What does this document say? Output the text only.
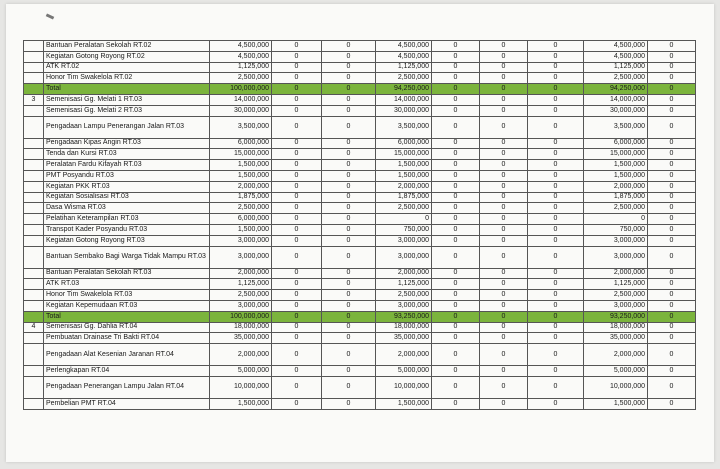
	Bantuan Peralatan Sekolah RT.02	4,500,000	0	0	4,500,000	0	0	0	4,500,000	0
	Kegiatan Gotong Royong RT.02	4,500,000	0	0	4,500,000	0	0	0	4,500,000	0
	ATK RT.02	1,125,000	0	0	1,125,000	0	0	0	1,125,000	0
	Honor Tim Swakelola RT.02	2,500,000	0	0	2,500,000	0	0	0	2,500,000	0
	Total	100,000,000	0	0	94,250,000	0	0	0	94,250,000	0
3	Semenisasi Gg. Melati 1 RT.03	14,000,000	0	0	14,000,000	0	0	0	14,000,000	0
	Semenisasi Gg. Melati 2 RT.03	30,000,000	0	0	30,000,000	0	0	0	30,000,000	0
	Pengadaan Lampu Penerangan Jalan RT.03	3,500,000	0	0	3,500,000	0	0	0	3,500,000	0
	Pengadaan Kipas Angin RT.03	6,000,000	0	0	6,000,000	0	0	0	6,000,000	0
	Tenda dan Kursi RT.03	15,000,000	0	0	15,000,000	0	0	0	15,000,000	0
	Peralatan Fardu Kifayah RT.03	1,500,000	0	0	1,500,000	0	0	0	1,500,000	0
	PMT Posyandu RT.03	1,500,000	0	0	1,500,000	0	0	0	1,500,000	0
	Kegiatan PKK RT.03	2,000,000	0	0	2,000,000	0	0	0	2,000,000	0
	Kegiatan Sosialisasi RT.03	1,875,000	0	0	1,875,000	0	0	0	1,875,000	0
	Dasa Wisma RT.03	2,500,000	0	0	2,500,000	0	0	0	2,500,000	0
	Pelatihan Keterampilan RT.03	6,000,000	0	0	0	0	0	0	0	0
	Transpot Kader Posyandu RT.03	1,500,000	0	0	750,000	0	0	0	750,000	0
	Kegiatan Gotong Royong RT.03	3,000,000	0	0	3,000,000	0	0	0	3,000,000	0
	Bantuan Sembako Bagi Warga Tidak Mampu RT.03	3,000,000	0	0	3,000,000	0	0	0	3,000,000	0
	Bantuan Peralatan Sekolah RT.03	2,000,000	0	0	2,000,000	0	0	0	2,000,000	0
	ATK RT.03	1,125,000	0	0	1,125,000	0	0	0	1,125,000	0
	Honor Tim Swakelola RT.03	2,500,000	0	0	2,500,000	0	0	0	2,500,000	0
	Kegiatan Kepemudaan RT.03	3,000,000	0	0	3,000,000	0	0	0	3,000,000	0
	Total	100,000,000	0	0	93,250,000	0	0	0	93,250,000	0
4	Semenisasi Gg. Dahlia RT.04	18,000,000	0	0	18,000,000	0	0	0	18,000,000	0
	Pembuatan Drainase Tri Bakti RT.04	35,000,000	0	0	35,000,000	0	0	0	35,000,000	0
	Pengadaan Alat Kesenian Jaranan RT.04	2,000,000	0	0	2,000,000	0	0	0	2,000,000	0
	Perlengkapan RT.04	5,000,000	0	0	5,000,000	0	0	0	5,000,000	0
	Pengadaan Penerangan Lampu Jalan RT.04	10,000,000	0	0	10,000,000	0	0	0	10,000,000	0
	Pembelian PMT RT.04	1,500,000	0	0	1,500,000	0	0	0	1,500,000	0
